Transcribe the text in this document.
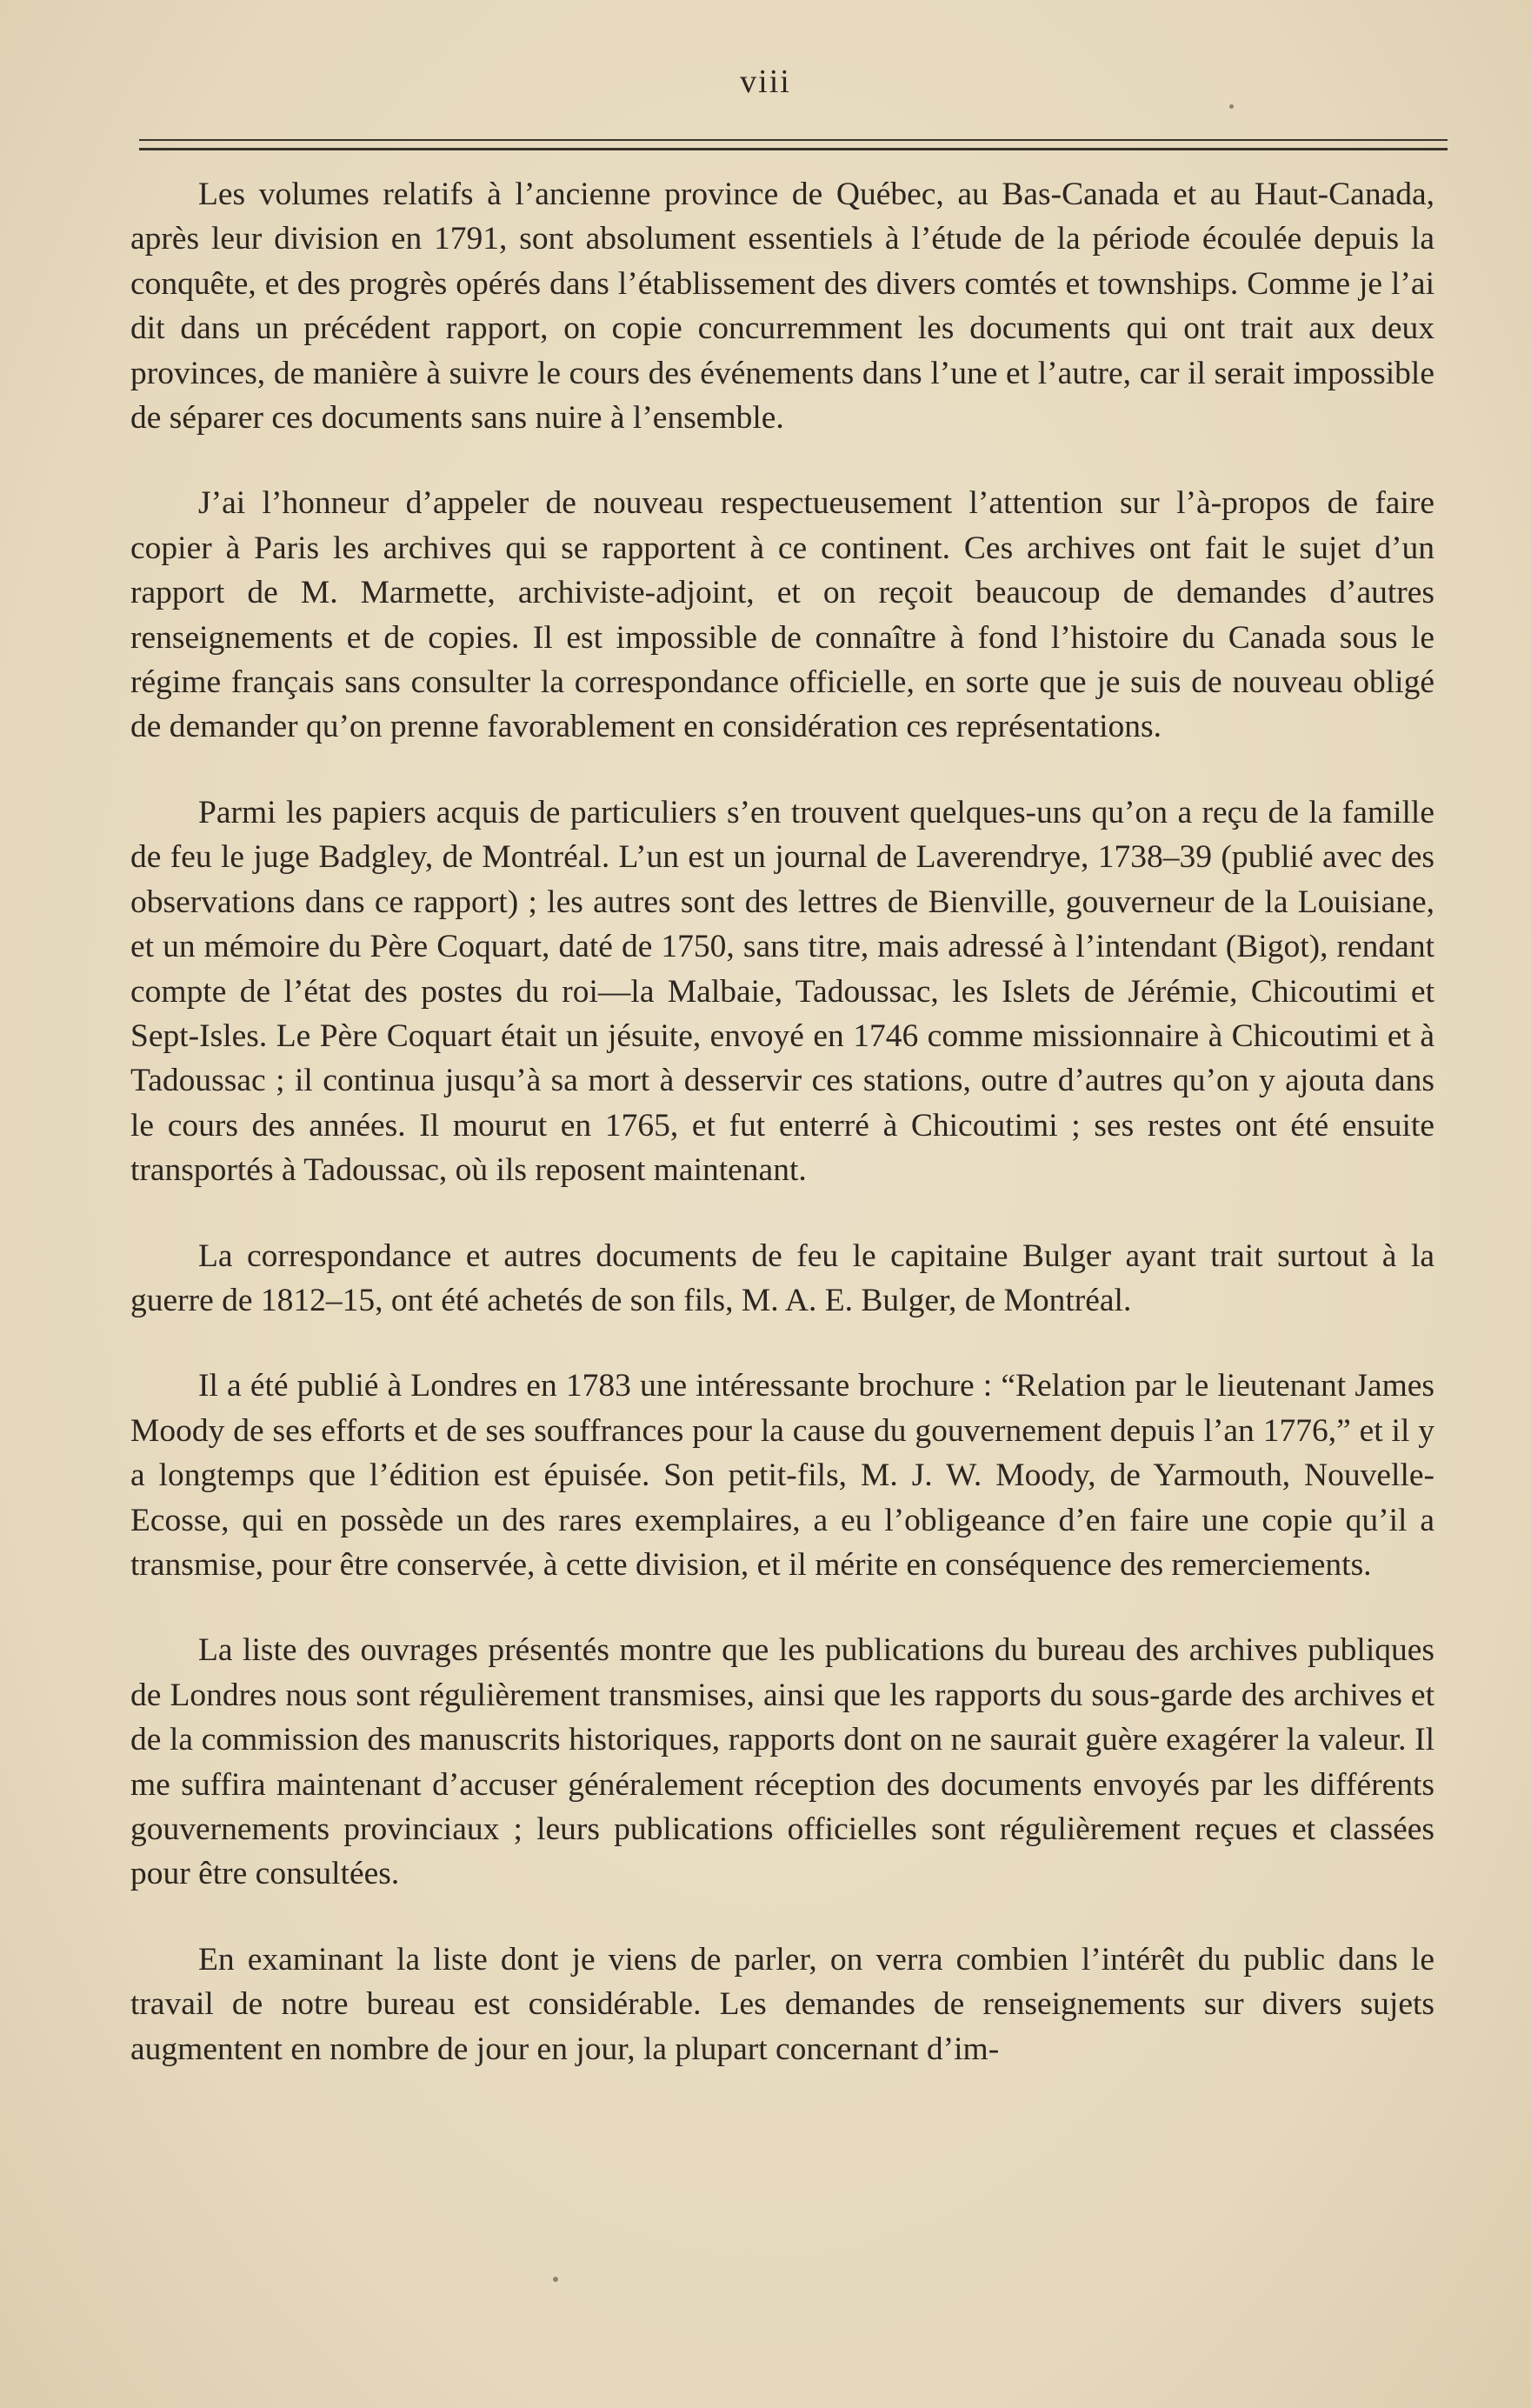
viii

Les volumes relatifs à l’ancienne province de Québec, au Bas-Canada et au Haut-Canada, après leur division en 1791, sont absolument essentiels à l’étude de la période écoulée depuis la conquête, et des progrès opérés dans l’établissement des divers comtés et townships. Comme je l’ai dit dans un précédent rapport, on copie concurremment les documents qui ont trait aux deux provinces, de manière à suivre le cours des événements dans l’une et l’autre, car il serait impossible de séparer ces documents sans nuire à l’ensemble.

J’ai l’honneur d’appeler de nouveau respectueusement l’attention sur l’à-propos de faire copier à Paris les archives qui se rapportent à ce continent. Ces archives ont fait le sujet d’un rapport de M. Marmette, archiviste-adjoint, et on reçoit beaucoup de demandes d’autres renseignements et de copies. Il est impossible de connaître à fond l’histoire du Canada sous le régime français sans consulter la correspondance officielle, en sorte que je suis de nouveau obligé de demander qu’on prenne favorablement en considération ces représentations.

Parmi les papiers acquis de particuliers s’en trouvent quelques-uns qu’on a reçu de la famille de feu le juge Badgley, de Montréal. L’un est un journal de Laverendrye, 1738–39 (publié avec des observations dans ce rapport) ; les autres sont des lettres de Bienville, gouverneur de la Louisiane, et un mémoire du Père Coquart, daté de 1750, sans titre, mais adressé à l’intendant (Bigot), rendant compte de l’état des postes du roi—la Malbaie, Tadoussac, les Islets de Jérémie, Chicoutimi et Sept-Isles. Le Père Coquart était un jésuite, envoyé en 1746 comme missionnaire à Chicoutimi et à Tadoussac ; il continua jusqu’à sa mort à desservir ces stations, outre d’autres qu’on y ajouta dans le cours des années. Il mourut en 1765, et fut enterré à Chicoutimi ; ses restes ont été ensuite transportés à Tadoussac, où ils reposent maintenant.

La correspondance et autres documents de feu le capitaine Bulger ayant trait surtout à la guerre de 1812–15, ont été achetés de son fils, M. A. E. Bulger, de Montréal.

Il a été publié à Londres en 1783 une intéressante brochure : “Relation par le lieutenant James Moody de ses efforts et de ses souffrances pour la cause du gouvernement depuis l’an 1776,” et il y a longtemps que l’édition est épuisée. Son petit-fils, M. J. W. Moody, de Yarmouth, Nouvelle-Ecosse, qui en possède un des rares exemplaires, a eu l’obligeance d’en faire une copie qu’il a transmise, pour être conservée, à cette division, et il mérite en conséquence des remerciements.

La liste des ouvrages présentés montre que les publications du bureau des archives publiques de Londres nous sont régulièrement transmises, ainsi que les rapports du sous-garde des archives et de la commission des manuscrits historiques, rapports dont on ne saurait guère exagérer la valeur. Il me suffira maintenant d’accuser généralement réception des documents envoyés par les différents gouvernements provinciaux ; leurs publications officielles sont régulièrement reçues et classées pour être consultées.

En examinant la liste dont je viens de parler, on verra combien l’intérêt du public dans le travail de notre bureau est considérable. Les demandes de renseignements sur divers sujets augmentent en nombre de jour en jour, la plupart concernant d’im-
